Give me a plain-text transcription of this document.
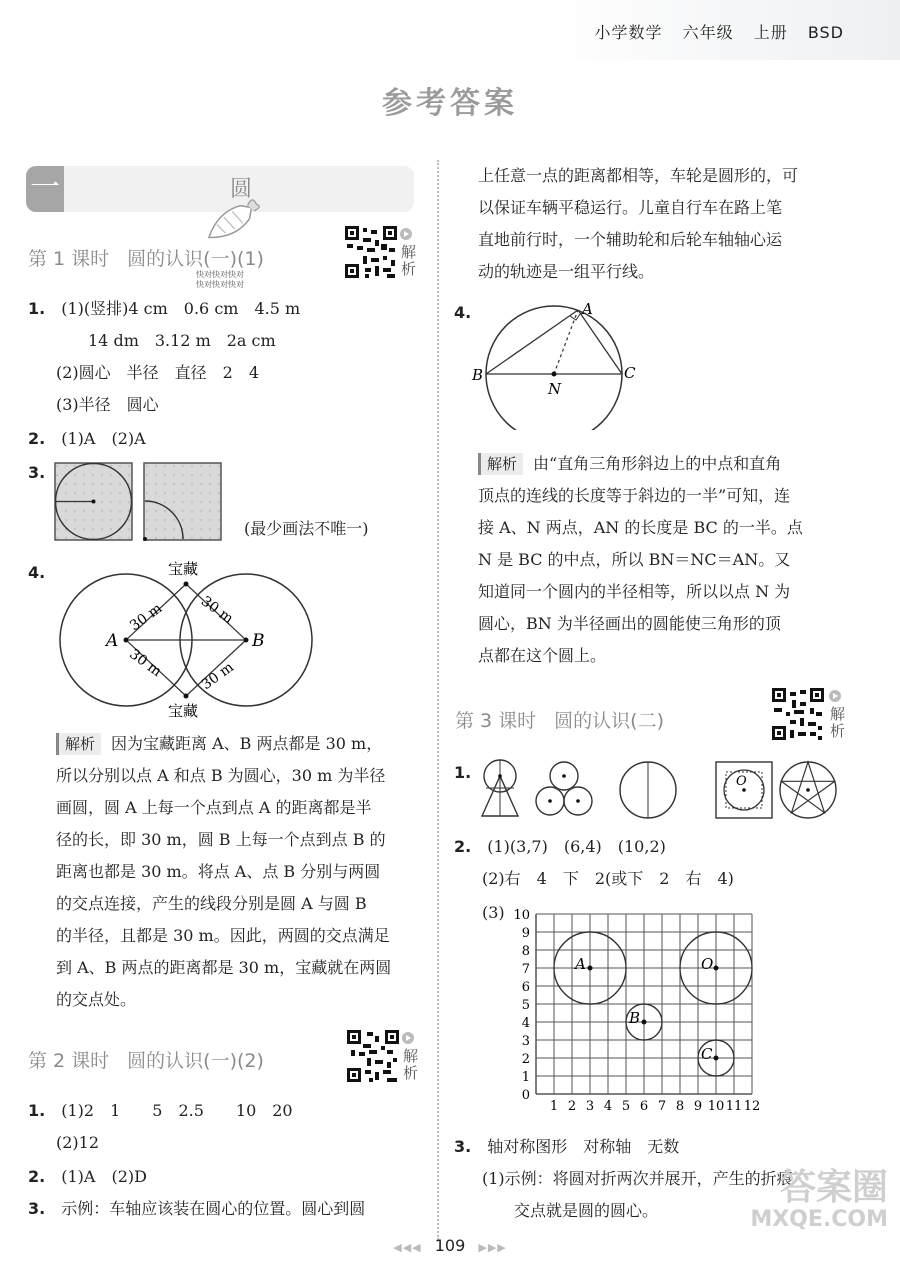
小学数学 六年级 上册 BSD
参考答案
一	圆
快对快对快对
快对快对快对
第 1 课时 圆的认识(一)(1)	解析
1.　 (1)(竖排)4 cm　0.6 cm　4.5 m
14 dm　3.12 m　2a cm
(2)圆心　半径　直径　2　4
(3)半径　圆心
2.　 (1)A　(2)A
3.
(最少画法不唯一)
4.	宝藏
宝藏
A	B
30 m 30 m
30 m 30 m
解析 因为宝藏距离 A、B 两点都是 30 m，
所以分别以点 A 和点 B 为圆心，30 m 为半径
画圆，圆 A 上每一个点到点 A 的距离都是半
径的长，即 30 m，圆 B 上每一个点到点 B 的
距离也都是 30 m。将点 A、点 B 分别与两圆
的交点连接，产生的线段分别是圆 A 与圆 B
的半径，且都是 30 m。因此，两圆的交点满足
到 A、B 两点的距离都是 30 m，宝藏就在两圆
的交点处。
第 2 课时 圆的认识(一)(2)	解析
1.　 (1)2　1　　5　2.5　　10　20
(2)12
2.　 (1)A　(2)D
3.　 示例：车轴应该装在圆心的位置。圆心到圆
上任意一点的距离都相等，车轮是圆形的，可
以保证车辆平稳运行。儿童自行车在路上笔
直地前行时，一个辅助轮和后轮车轴轴心运
动的轨迹是一组平行线。
4.	A
B	C
N
解析 由“直角三角形斜边上的中点和直角
顶点的连线的长度等于斜边的一半”可知，连
接 A、N 两点，AN 的长度是 BC 的一半。点
N 是 BC 的中点，所以 BN＝NC＝AN。又
知道同一个圆内的半径相等，所以以点 N 为
圆心，BN 为半径画出的圆能使三角形的顶
点都在这个圆上。
第 3 课时 圆的认识(二)	解析
1.	O
2.　 (1)(3,7)　(6,4)　(10,2)
(2)右　4　下　2(或下　2　右　4)
(3)
1 2 3 4 5 6 7 8 9 10 11 12
0
1
2
3
4
5
6
7
8
9
10
A	O
B
C
3.　 轴对称图形　对称轴　无数
(1)示例：将圆对折两次并展开，产生的折痕
交点就是圆的圆心。
◀◀◀ 109 ▶▶▶
答案圈
MXQE.COM
